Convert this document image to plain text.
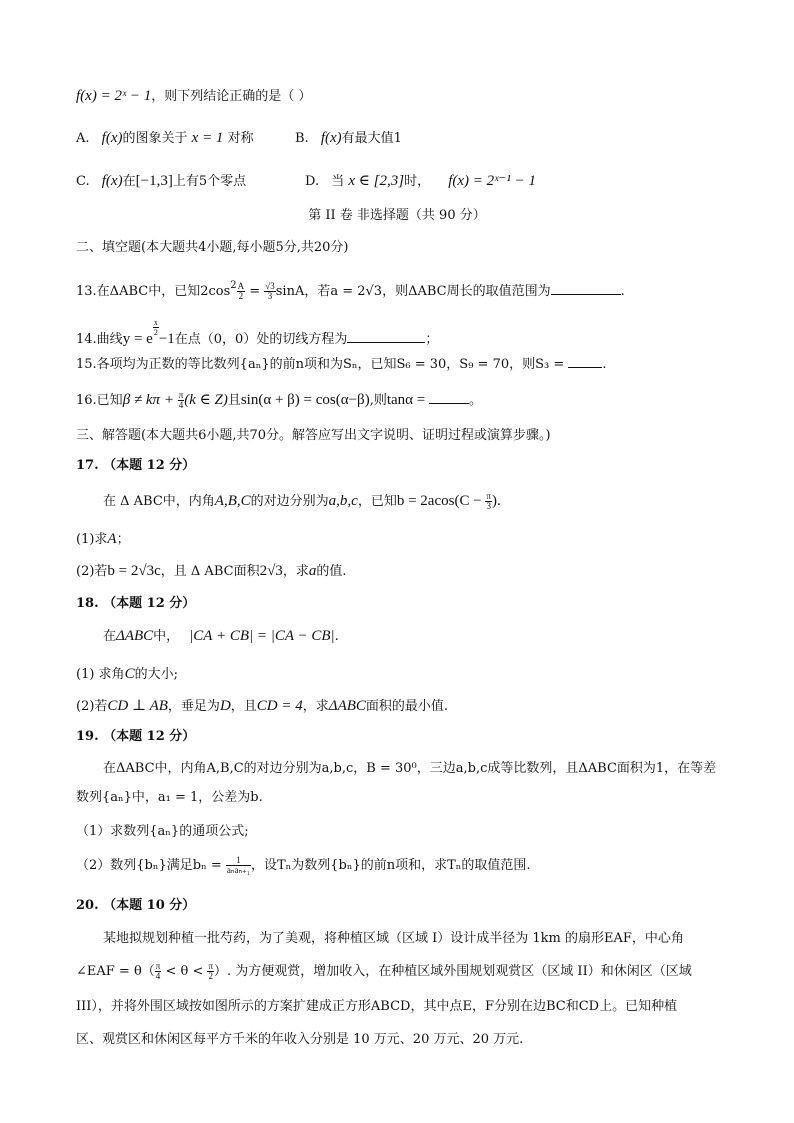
f(x) = 2ˣ − 1，则下列结论正确的是（ ）
A. f(x)的图象关于 x = 1 对称	B. f(x)有最大值1
C. f(x)在[−1,3]上有5个零点	D. 当 x ∈ [2,3]时， f(x) = 2ˣ⁻¹ − 1
第 II 卷 非选择题（共 90 分）
二、填空题(本大题共4小题,每小题5分,共20分)
13.在ΔABC中，已知$2\cos^2 \frac{A}{2} = \frac{√3}{3}$ sinA，若a = 2√3，则ΔABC周长的取值范围为	.
14.曲线y = e
$\frac{x}{2}$
−1在点（0，0）处的切线方程为	；
15.各项均为正数的等比数列{aₙ}的前n项和为Sₙ，已知S₆ = 30，S₉ = 70，则S₃ =	.
16.已知$\beta \ne k\pi + \frac{\pi}{4} (k$ ∈ Z)且sin(α + β) = cos(α−β),则tanα =	。
三、解答题(本大题共6小题,共70分。解答应写出文字说明、证明过程或演算步骤。)
17. （本题 12 分）
在 Δ ABC中，内角A,B,C的对边分别为a,b,c，已知$b = 2acos(C - \frac{\pi}{3}$ ).
(1)求A；
(2)若b = 2√3c，且 Δ ABC面积2√3，求a的值.
18. （本题 12 分）
在ΔABC中， |CA + CB| = |CA − CB|.
(1) 求角C的大小;
(2)若CD ⊥ AB，垂足为D，且CD = 4，求ΔABC面积的最小值.
19. （本题 12 分）
在ΔABC中，内角A,B,C的对边分别为a,b,c，B = 30⁰，三边a,b,c成等比数列，且ΔABC面积为1，在等差
数列{aₙ}中，a₁ = 1，公差为b.
（1）求数列{aₙ}的通项公式;
（2）数列{bₙ}满足$b_n = \frac{1}{\text{aₙaₙ₊₁}}$ ，设Tₙ为数列{bₙ}的前n项和，求Tₙ的取值范围.
20. （本题 10 分）
某地拟规划种植一批芍药，为了美观，将种植区域（区域 I）设计成半径为 1km 的扇形EAF，中心角
∠EAF = $\theta( \frac{\pi}{4} < \theta < \frac{\pi}{2}$ ）. 为方便观赏，增加收入，在种植区域外围规划观赏区（区域 II）和休闲区（区域
III），并将外围区域按如图所示的方案扩建成正方形ABCD，其中点E，F分别在边BC和CD上。已知种植
区、观赏区和休闲区每平方千米的年收入分别是 10 万元、20 万元、20 万元.
